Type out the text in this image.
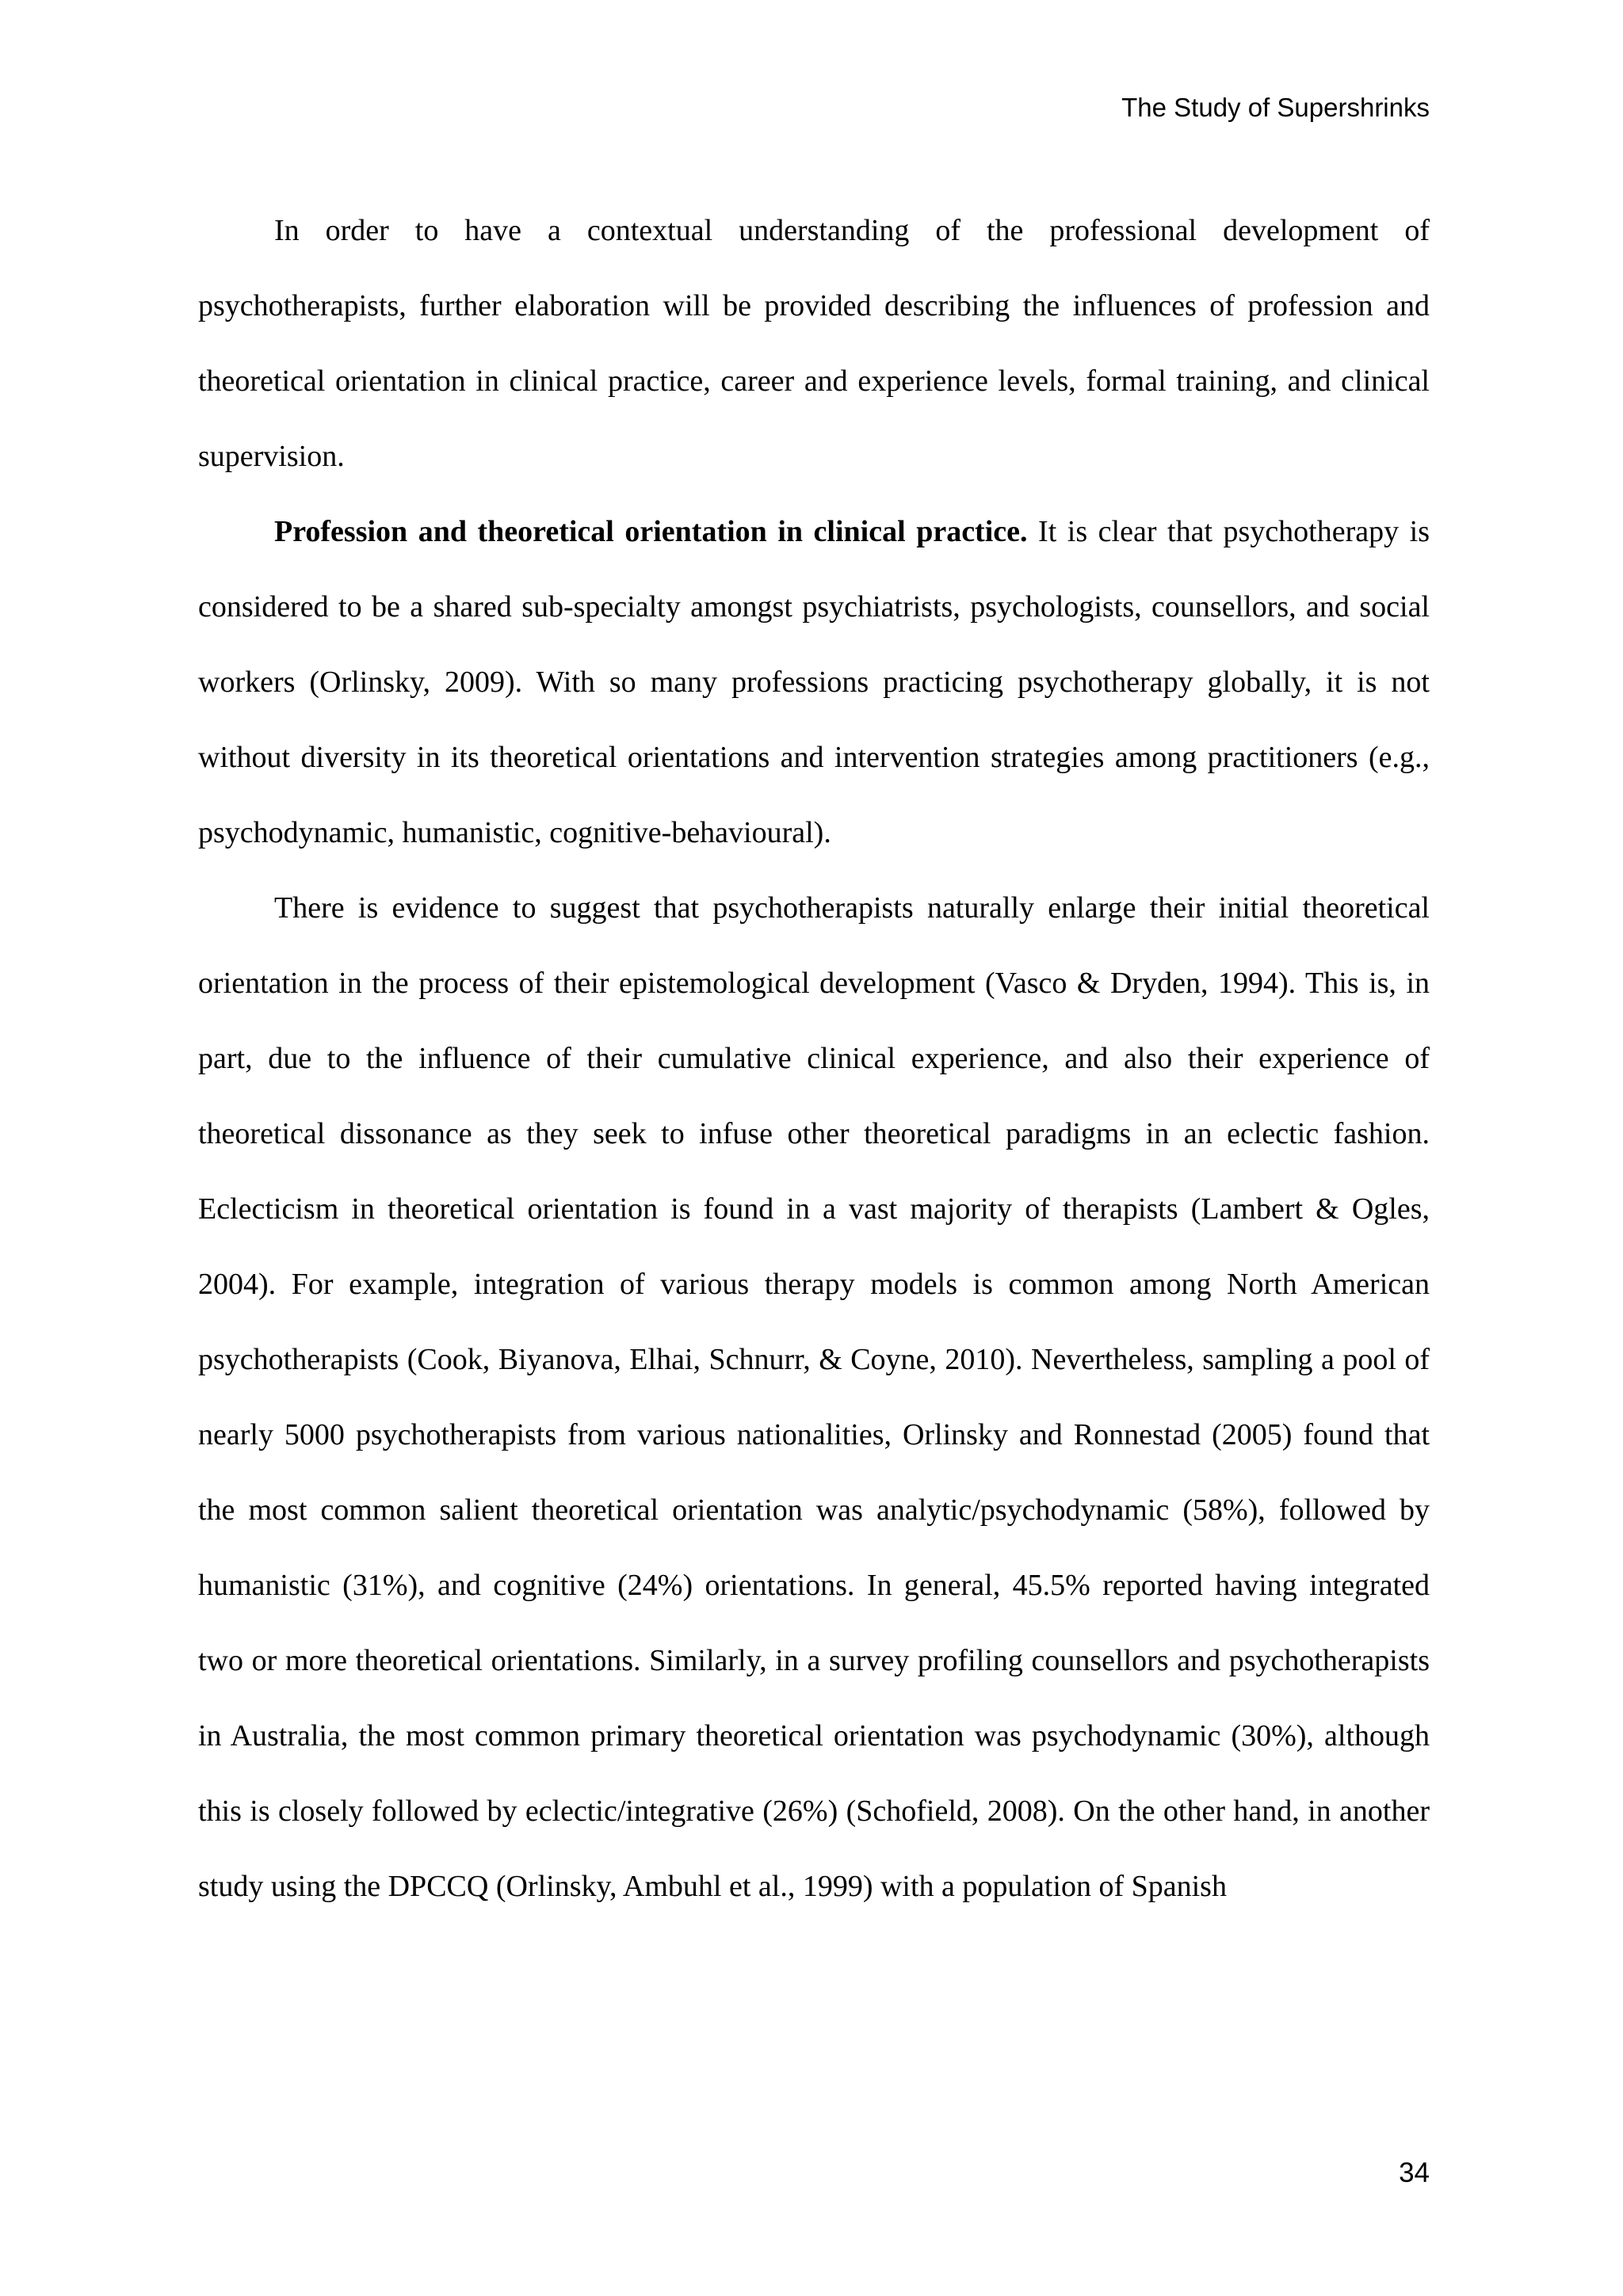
The Study of Supershrinks

In order to have a contextual understanding of the professional development of psychotherapists, further elaboration will be provided describing the influences of profession and theoretical orientation in clinical practice, career and experience levels, formal training, and clinical supervision.

Profession and theoretical orientation in clinical practice. It is clear that psychotherapy is considered to be a shared sub-specialty amongst psychiatrists, psychologists, counsellors, and social workers (Orlinsky, 2009). With so many professions practicing psychotherapy globally, it is not without diversity in its theoretical orientations and intervention strategies among practitioners (e.g., psychodynamic, humanistic, cognitive-behavioural).

There is evidence to suggest that psychotherapists naturally enlarge their initial theoretical orientation in the process of their epistemological development (Vasco & Dryden, 1994). This is, in part, due to the influence of their cumulative clinical experience, and also their experience of theoretical dissonance as they seek to infuse other theoretical paradigms in an eclectic fashion. Eclecticism in theoretical orientation is found in a vast majority of therapists (Lambert & Ogles, 2004). For example, integration of various therapy models is common among North American psychotherapists (Cook, Biyanova, Elhai, Schnurr, & Coyne, 2010). Nevertheless, sampling a pool of nearly 5000 psychotherapists from various nationalities, Orlinsky and Ronnestad (2005) found that the most common salient theoretical orientation was analytic/psychodynamic (58%), followed by humanistic (31%), and cognitive (24%) orientations. In general, 45.5% reported having integrated two or more theoretical orientations. Similarly, in a survey profiling counsellors and psychotherapists in Australia, the most common primary theoretical orientation was psychodynamic (30%), although this is closely followed by eclectic/integrative (26%) (Schofield, 2008). On the other hand, in another study using the DPCCQ (Orlinsky, Ambuhl et al., 1999) with a population of Spanish

34
